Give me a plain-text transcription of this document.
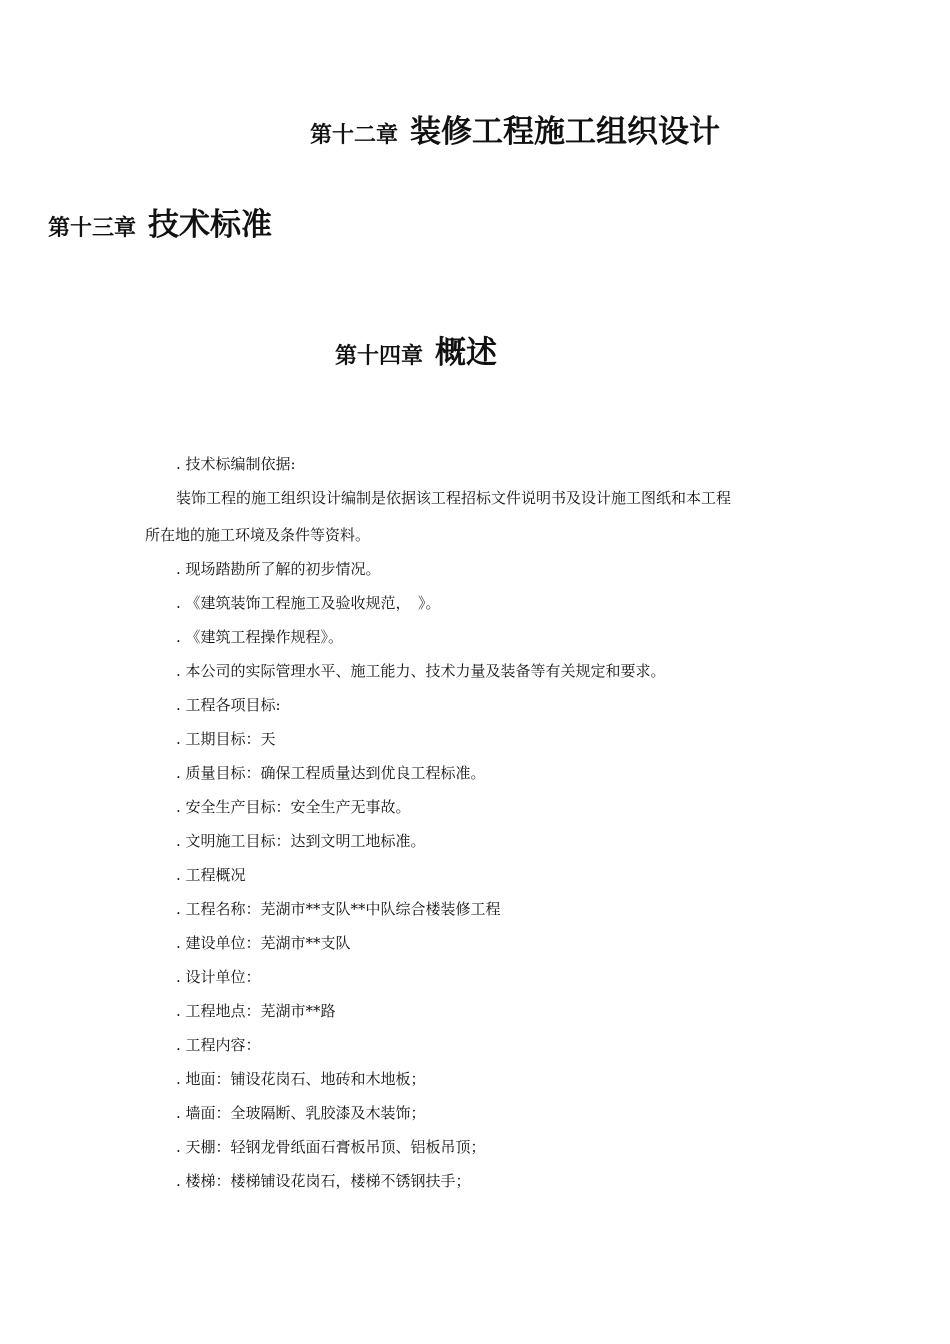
第十二章 装修工程施工组织设计
第十三章 技术标准
第十四章 概述
. 技术标编制依据:
装饰工程的施工组织设计编制是依据该工程招标文件说明书及设计施工图纸和本工程
所在地的施工环境及条件等资料。
. 现场踏勘所了解的初步情况。
. 《建筑装饰工程施工及验收规范，　》。
. 《建筑工程操作规程》。
. 本公司的实际管理水平、施工能力、技术力量及装备等有关规定和要求。
. 工程各项目标:
. 工期目标：天
. 质量目标：确保工程质量达到优良工程标准。
. 安全生产目标：安全生产无事故。
. 文明施工目标：达到文明工地标准。
. 工程概况
. 工程名称：芜湖市**支队**中队综合楼装修工程
. 建设单位：芜湖市**支队
. 设计单位：
. 工程地点：芜湖市**路
. 工程内容：
. 地面：铺设花岗石、地砖和木地板；
. 墙面：全玻隔断、乳胶漆及木装饰；
. 天棚：轻钢龙骨纸面石膏板吊顶、铝板吊顶；
. 楼梯：楼梯铺设花岗石，楼梯不锈钢扶手；
